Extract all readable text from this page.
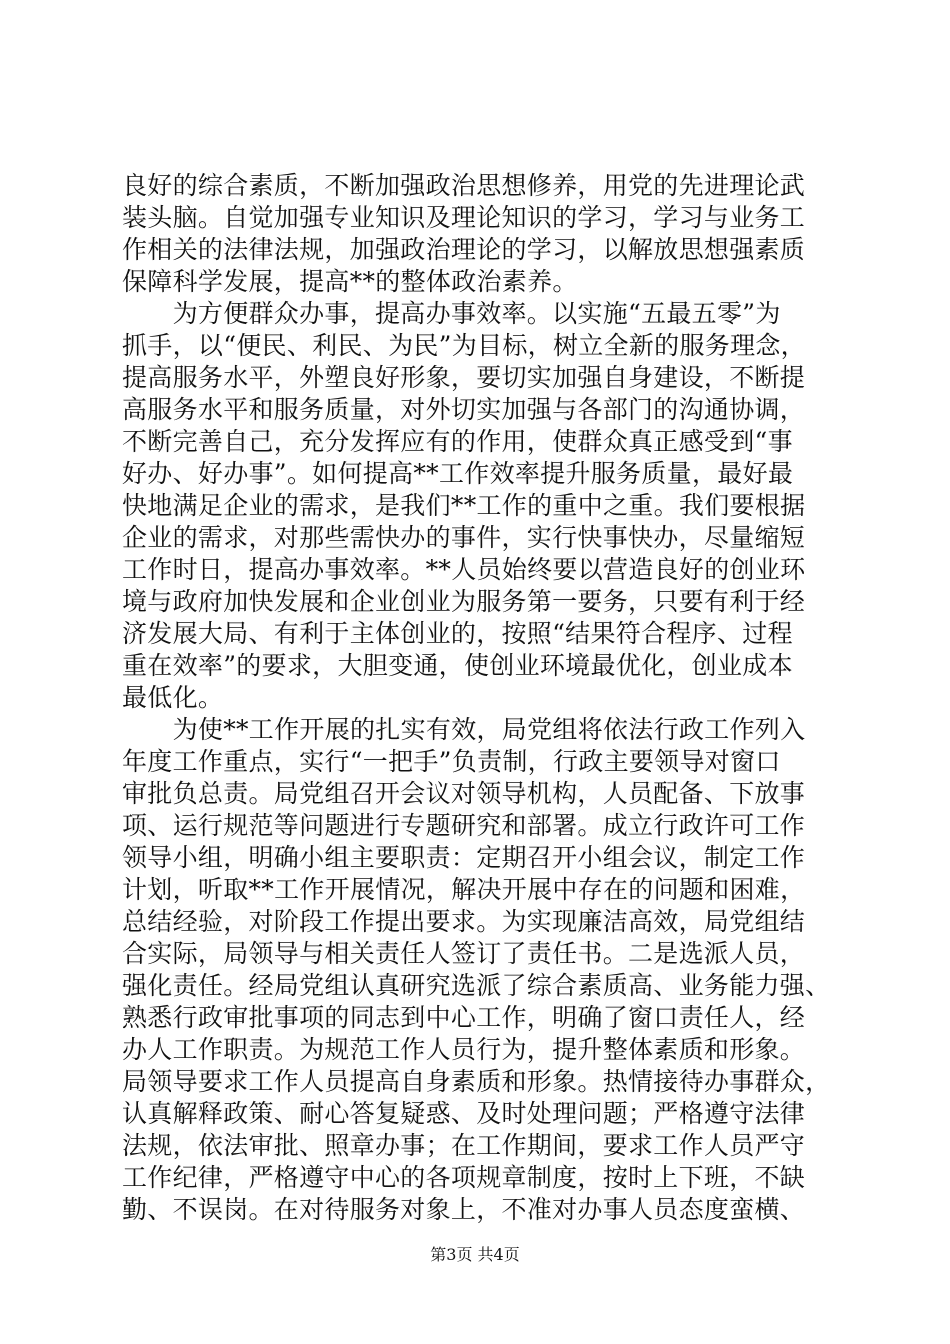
良好的综合素质，不断加强政治思想修养，用党的先进理论武
装头脑。自觉加强专业知识及理论知识的学习，学习与业务工
作相关的法律法规，加强政治理论的学习，以解放思想强素质
保障科学发展，提高**的整体政治素养。
　　为方便群众办事，提高办事效率。以实施“五最五零”为
抓手，以“便民、利民、为民”为目标，树立全新的服务理念，
提高服务水平，外塑良好形象，要切实加强自身建设，不断提
高服务水平和服务质量，对外切实加强与各部门的沟通协调，
不断完善自己，充分发挥应有的作用，使群众真正感受到“事
好办、好办事”。如何提高**工作效率提升服务质量，最好最
快地满足企业的需求，是我们**工作的重中之重。我们要根据
企业的需求，对那些需快办的事件，实行快事快办，尽量缩短
工作时日，提高办事效率。**人员始终要以营造良好的创业环
境与政府加快发展和企业创业为服务第一要务，只要有利于经
济发展大局、有利于主体创业的，按照“结果符合程序、过程
重在效率”的要求，大胆变通，使创业环境最优化，创业成本
最低化。
　　为使**工作开展的扎实有效，局党组将依法行政工作列入
年度工作重点，实行“一把手”负责制，行政主要领导对窗口
审批负总责。局党组召开会议对领导机构，人员配备、下放事
项、运行规范等问题进行专题研究和部署。成立行政许可工作
领导小组，明确小组主要职责：定期召开小组会议，制定工作
计划，听取**工作开展情况，解决开展中存在的问题和困难，
总结经验，对阶段工作提出要求。为实现廉洁高效，局党组结
合实际，局领导与相关责任人签订了责任书。二是选派人员，
强化责任。经局党组认真研究选派了综合素质高、业务能力强、
熟悉行政审批事项的同志到中心工作，明确了窗口责任人，经
办人工作职责。为规范工作人员行为，提升整体素质和形象。
局领导要求工作人员提高自身素质和形象。热情接待办事群众，
认真解释政策、耐心答复疑惑、及时处理问题；严格遵守法律
法规，依法审批、照章办事；在工作期间，要求工作人员严守
工作纪律，严格遵守中心的各项规章制度，按时上下班，不缺
勤、不误岗。在对待服务对象上，不准对办事人员态度蛮横、
第3页 共4页
